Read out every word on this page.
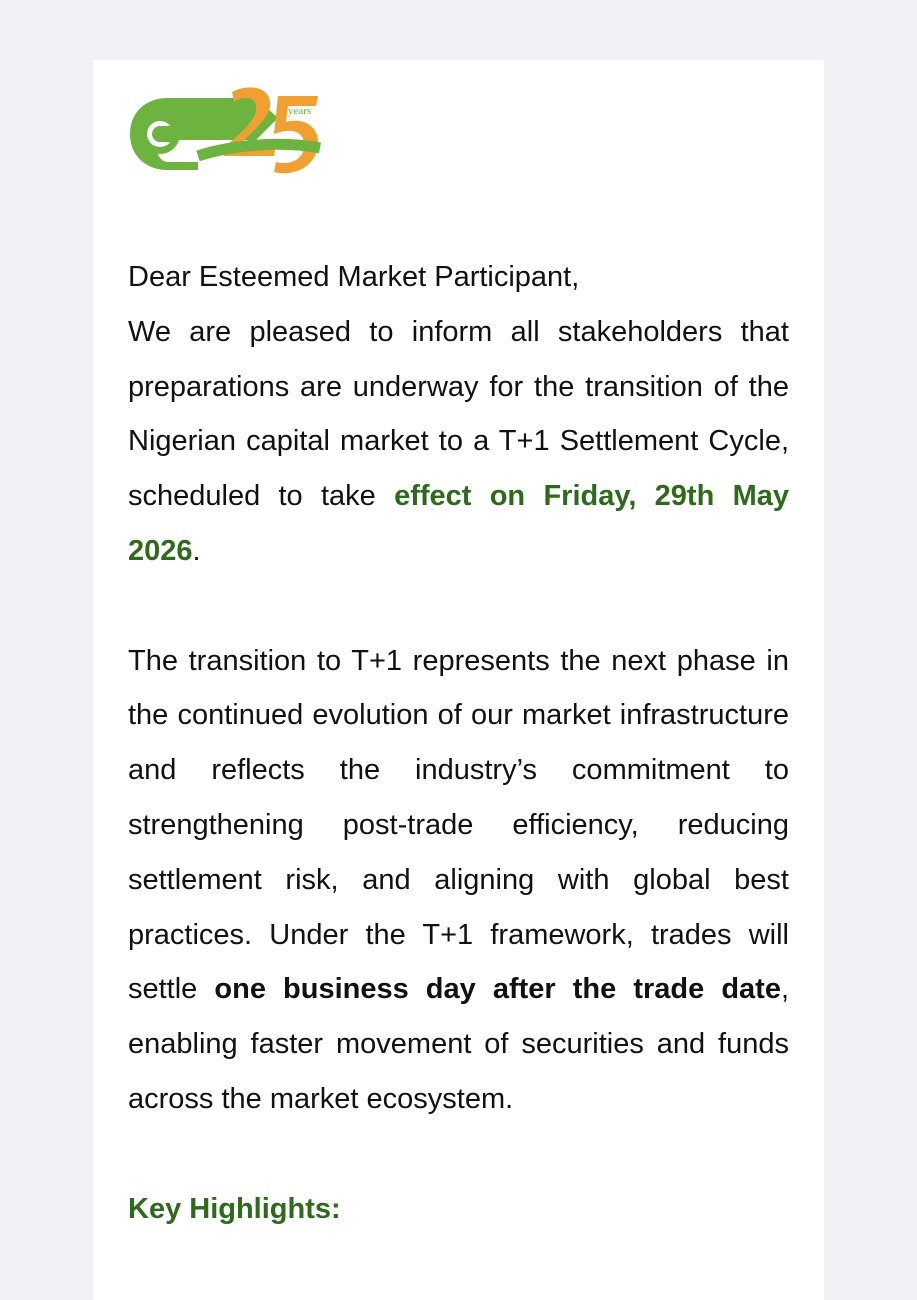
years

Dear Esteemed Market Participant,

We are pleased to inform all stakeholders that preparations are underway for the transition of the Nigerian capital market to a T+1 Settlement Cycle, scheduled to take effect on Friday, 29th May 2026.

The transition to T+1 represents the next phase in the continued evolution of our market infrastructure and reflects the industry’s commitment to strengthening post-trade efficiency, reducing settlement risk, and aligning with global best practices. Under the T+1 framework, trades will settle one business day after the trade date, enabling faster movement of securities and funds across the market ecosystem.

Key Highlights:
